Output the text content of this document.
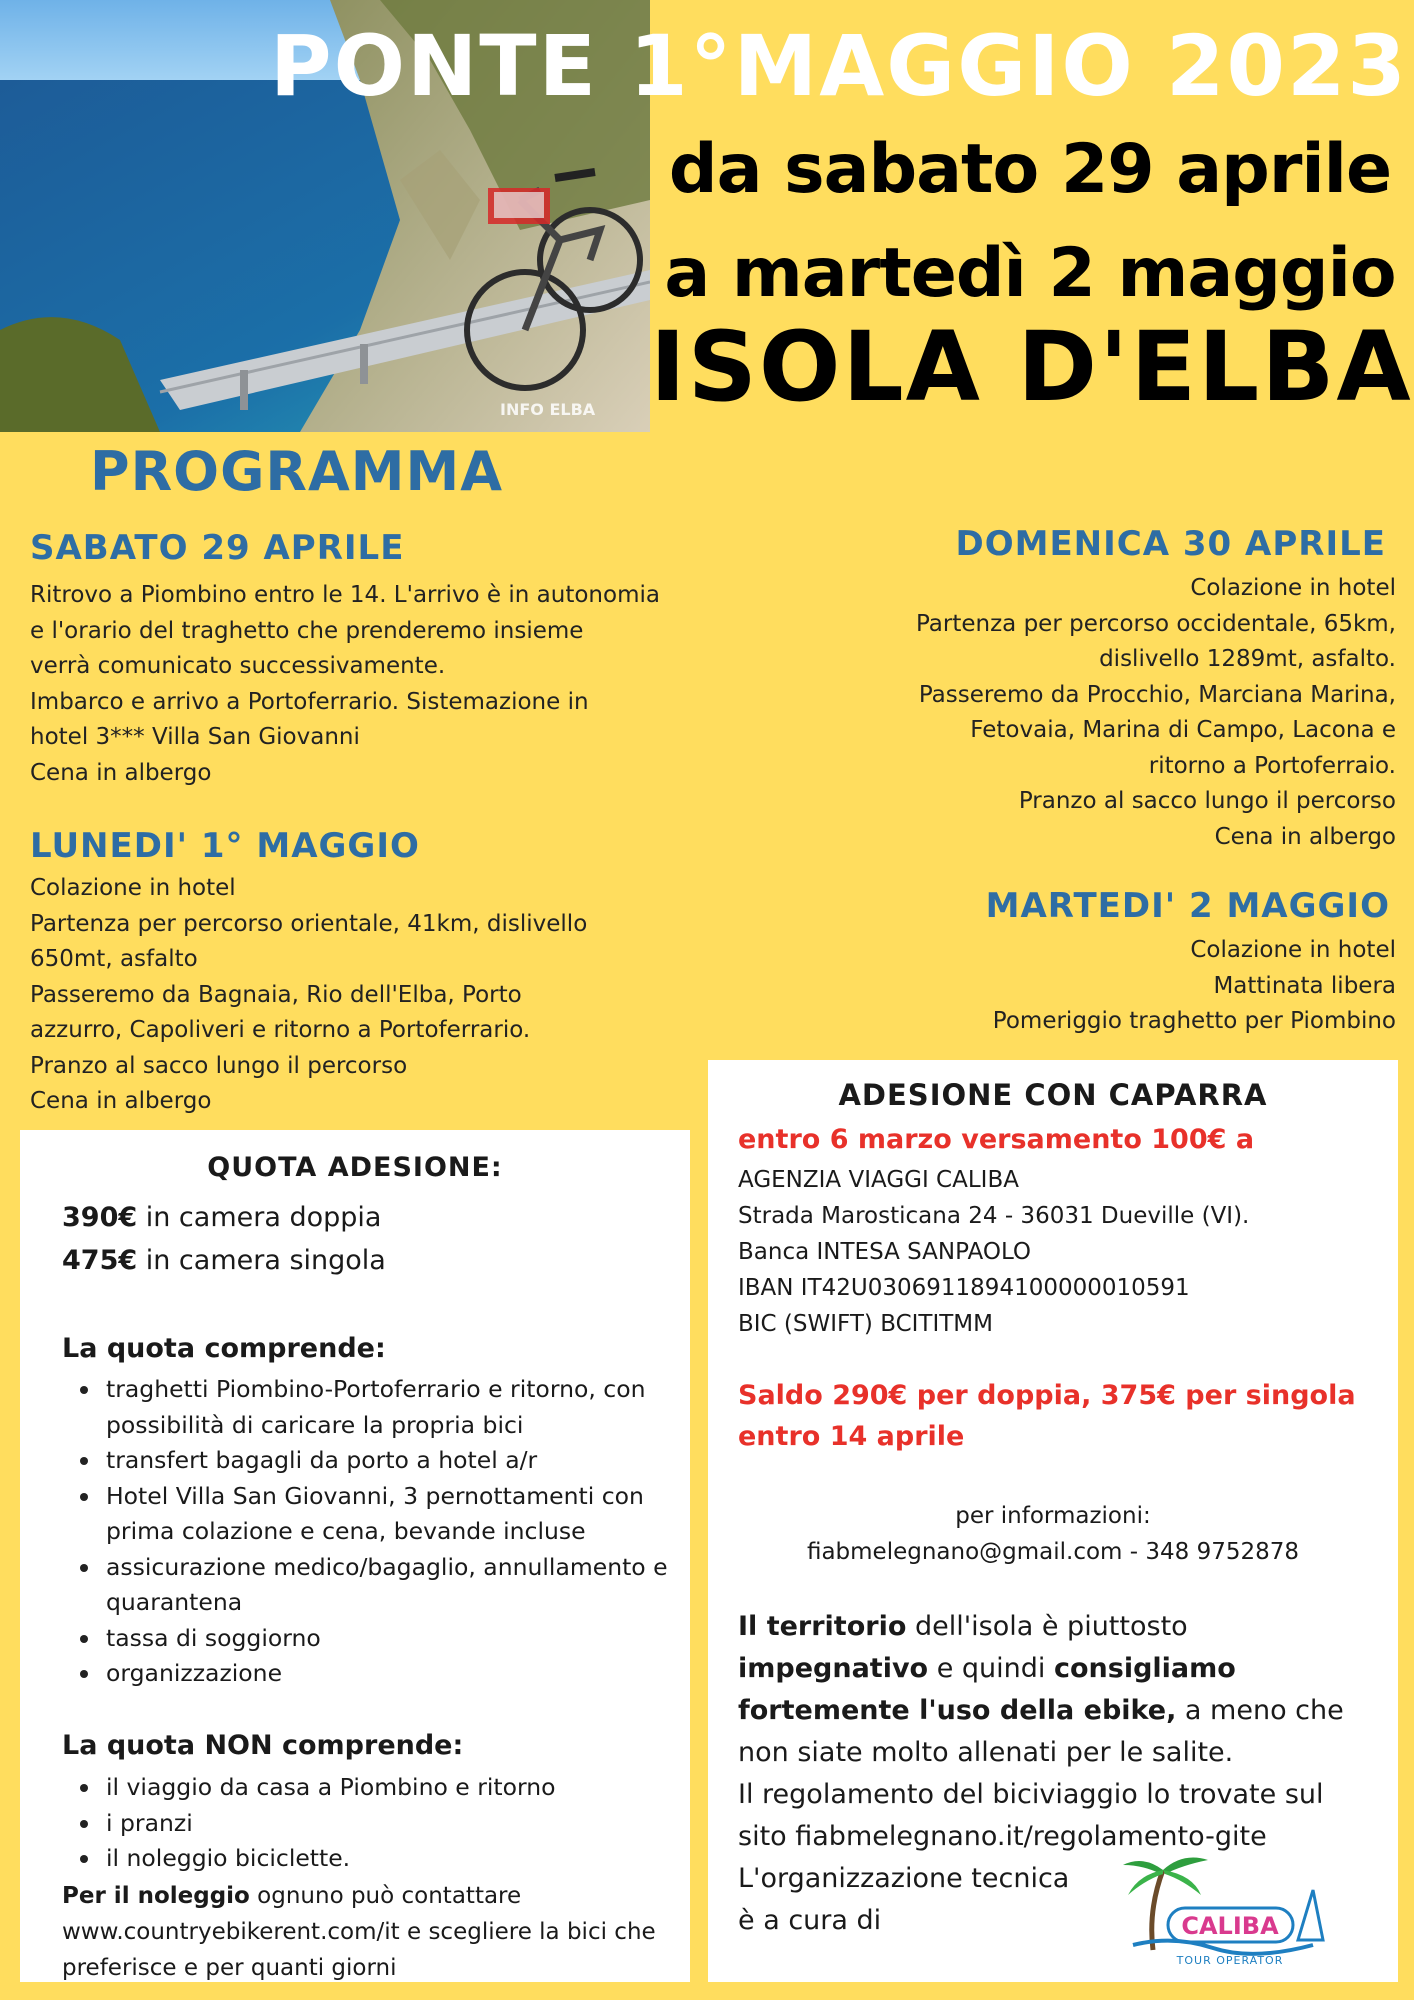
INFO ELBA
PONTE 1°MAGGIO 2023
da sabato 29 aprile
a martedì 2 maggio
ISOLA D'ELBA
PROGRAMMA
SABATO 29 APRILE
Ritrovo a Piombino entro le 14. L'arrivo è in autonomia
e l'orario del traghetto che prenderemo insieme
verrà comunicato successivamente.
Imbarco e arrivo a Portoferrario. Sistemazione in
hotel 3*** Villa San Giovanni
Cena in albergo
LUNEDI' 1° MAGGIO
Colazione in hotel
Partenza per percorso orientale, 41km, dislivello
650mt, asfalto
Passeremo da Bagnaia, Rio dell'Elba, Porto
azzurro, Capoliveri e ritorno a Portoferrario.
Pranzo al sacco lungo il percorso
Cena in albergo
DOMENICA 30 APRILE
Colazione in hotel
Partenza per percorso occidentale, 65km,
dislivello 1289mt, asfalto.
Passeremo da Procchio, Marciana Marina,
Fetovaia, Marina di Campo, Lacona e
ritorno a Portoferraio.
Pranzo al sacco lungo il percorso
Cena in albergo
MARTEDI' 2 MAGGIO
Colazione in hotel
Mattinata libera
Pomeriggio traghetto per Piombino
QUOTA ADESIONE:
390€ in camera doppia
475€ in camera singola
La quota comprende:
traghetti Piombino-Portoferrario e ritorno, con possibilità di caricare la propria bici
transfert bagagli da porto a hotel a/r
Hotel Villa San Giovanni, 3 pernottamenti con prima colazione e cena, bevande incluse
assicurazione medico/bagaglio, annullamento e quarantena
tassa di soggiorno
organizzazione
La quota NON comprende:
il viaggio da casa a Piombino e ritorno
i pranzi
il noleggio biciclette.
Per il noleggio ognuno può contattare www.countryebikerent.com/it e scegliere la bici che preferisce e per quanti giorni
ADESIONE CON CAPARRA
entro 6 marzo versamento 100€ a
AGENZIA VIAGGI CALIBA
Strada Marosticana 24 - 36031 Dueville (VI).
Banca INTESA SANPAOLO
IBAN IT42U0306911894100000010591
BIC (SWIFT) BCITITMM
Saldo 290€ per doppia, 375€ per singola
entro 14 aprile
per informazioni:
fiabmelegnano@gmail.com - 348 9752878
Il territorio dell'isola è piuttosto impegnativo e quindi consigliamo fortemente l'uso della ebike, a meno che non siate molto allenati per le salite.
Il regolamento del biciviaggio lo trovate sul sito fiabmelegnano.it/regolamento-gite
L'organizzazione tecnica
è a cura di	CALIBA
TOUR OPERATOR
